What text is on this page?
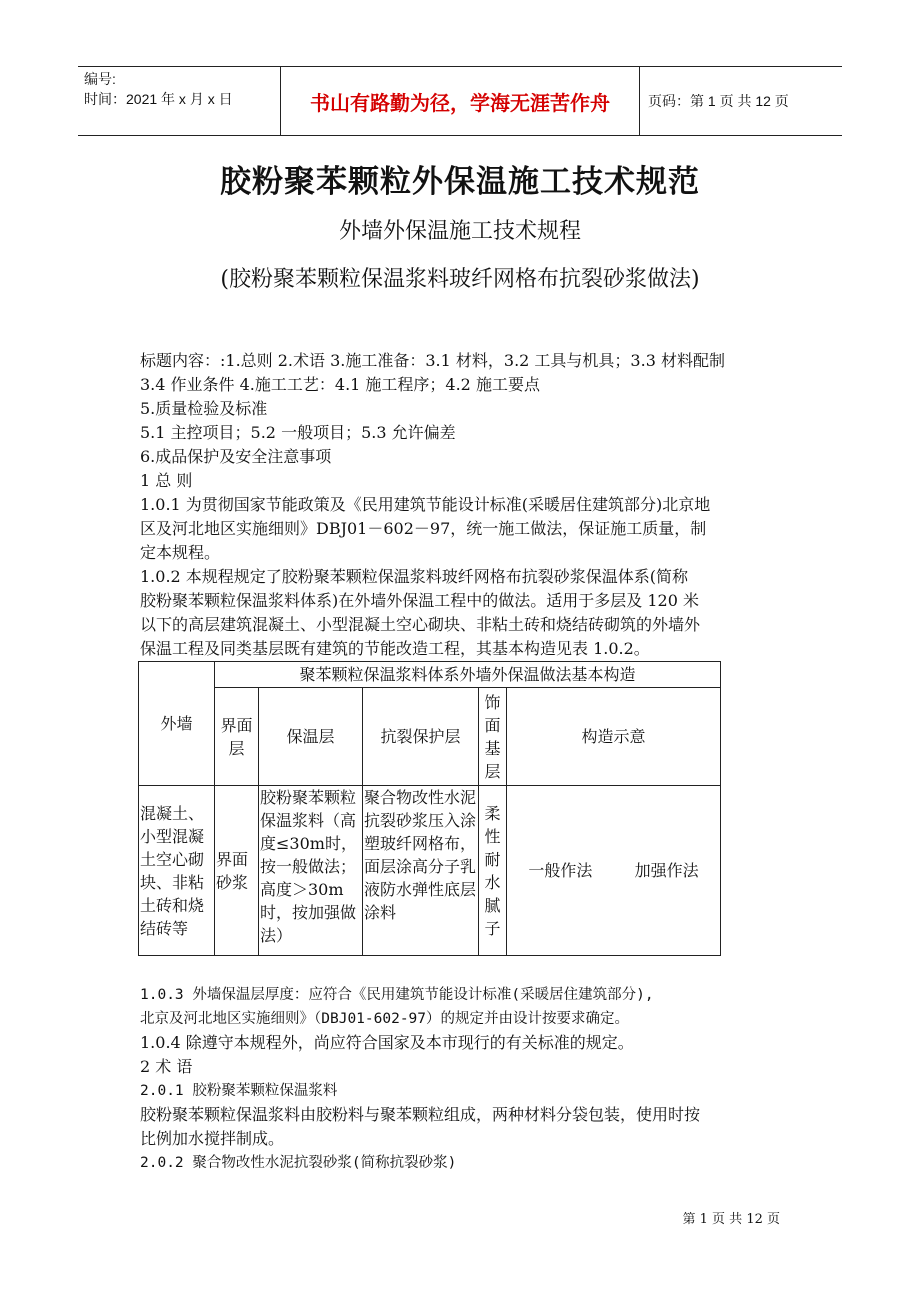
编号:
时间：2021 年 x 月 x 日	书山有路勤为径，学海无涯苦作舟	页码：第 1 页 共 12 页
胶粉聚苯颗粒外保温施工技术规范
外墙外保温施工技术规程
(胶粉聚苯颗粒保温浆料玻纤网格布抗裂砂浆做法)
标题内容：:1.总则 2.术语 3.施工准备：3.1 材料，3.2 工具与机具；3.3 材料配制
3.4 作业条件 4.施工工艺：4.1 施工程序；4.2 施工要点
5.质量检验及标准
5.1 主控项目；5.2 一般项目；5.3 允许偏差
6.成品保护及安全注意事项
1 总 则
1.0.1 为贯彻国家节能政策及《民用建筑节能设计标准(采暖居住建筑部分)北京地
区及河北地区实施细则》DBJ01－602－97，统一施工做法，保证施工质量，制
定本规程。
1.0.2 本规程规定了胶粉聚苯颗粒保温浆料玻纤网格布抗裂砂浆保温体系(简称
胶粉聚苯颗粒保温浆料体系)在外墙外保温工程中的做法。适用于多层及 120 米
以下的高层建筑混凝土、小型混凝土空心砌块、非粘土砖和烧结砖砌筑的外墙外
保温工程及同类基层既有建筑的节能改造工程，其基本构造见表 1.0.2。
外墙	聚苯颗粒保温浆料体系外墙外保温做法基本构造				
	界面层	保温层	抗裂保护层	饰面基层	构造示意
混凝土、小型混凝土空心砌块、非粘土砖和烧结砖等	界面砂浆	胶粉聚苯颗粒保温浆料（高度≤30m时，按一般做法；高度＞30m时，按加强做法）	聚合物改性水泥抗裂砂浆压入涂塑玻纤网格布，面层涂高分子乳液防水弹性底层涂料	柔性耐水腻子	一般作法 加强作法
1.0.3 外墙保温层厚度：应符合《民用建筑节能设计标准(采暖居住建筑部分),
北京及河北地区实施细则》（DBJ01-602-97）的规定并由设计按要求确定。
1.0.4 除遵守本规程外，尚应符合国家及本市现行的有关标准的规定。
2 术 语
2.0.1 胶粉聚苯颗粒保温浆料
胶粉聚苯颗粒保温浆料由胶粉料与聚苯颗粒组成，两种材料分袋包装，使用时按
比例加水搅拌制成。
2.0.2 聚合物改性水泥抗裂砂浆(简称抗裂砂浆)
第 1 页 共 12 页
